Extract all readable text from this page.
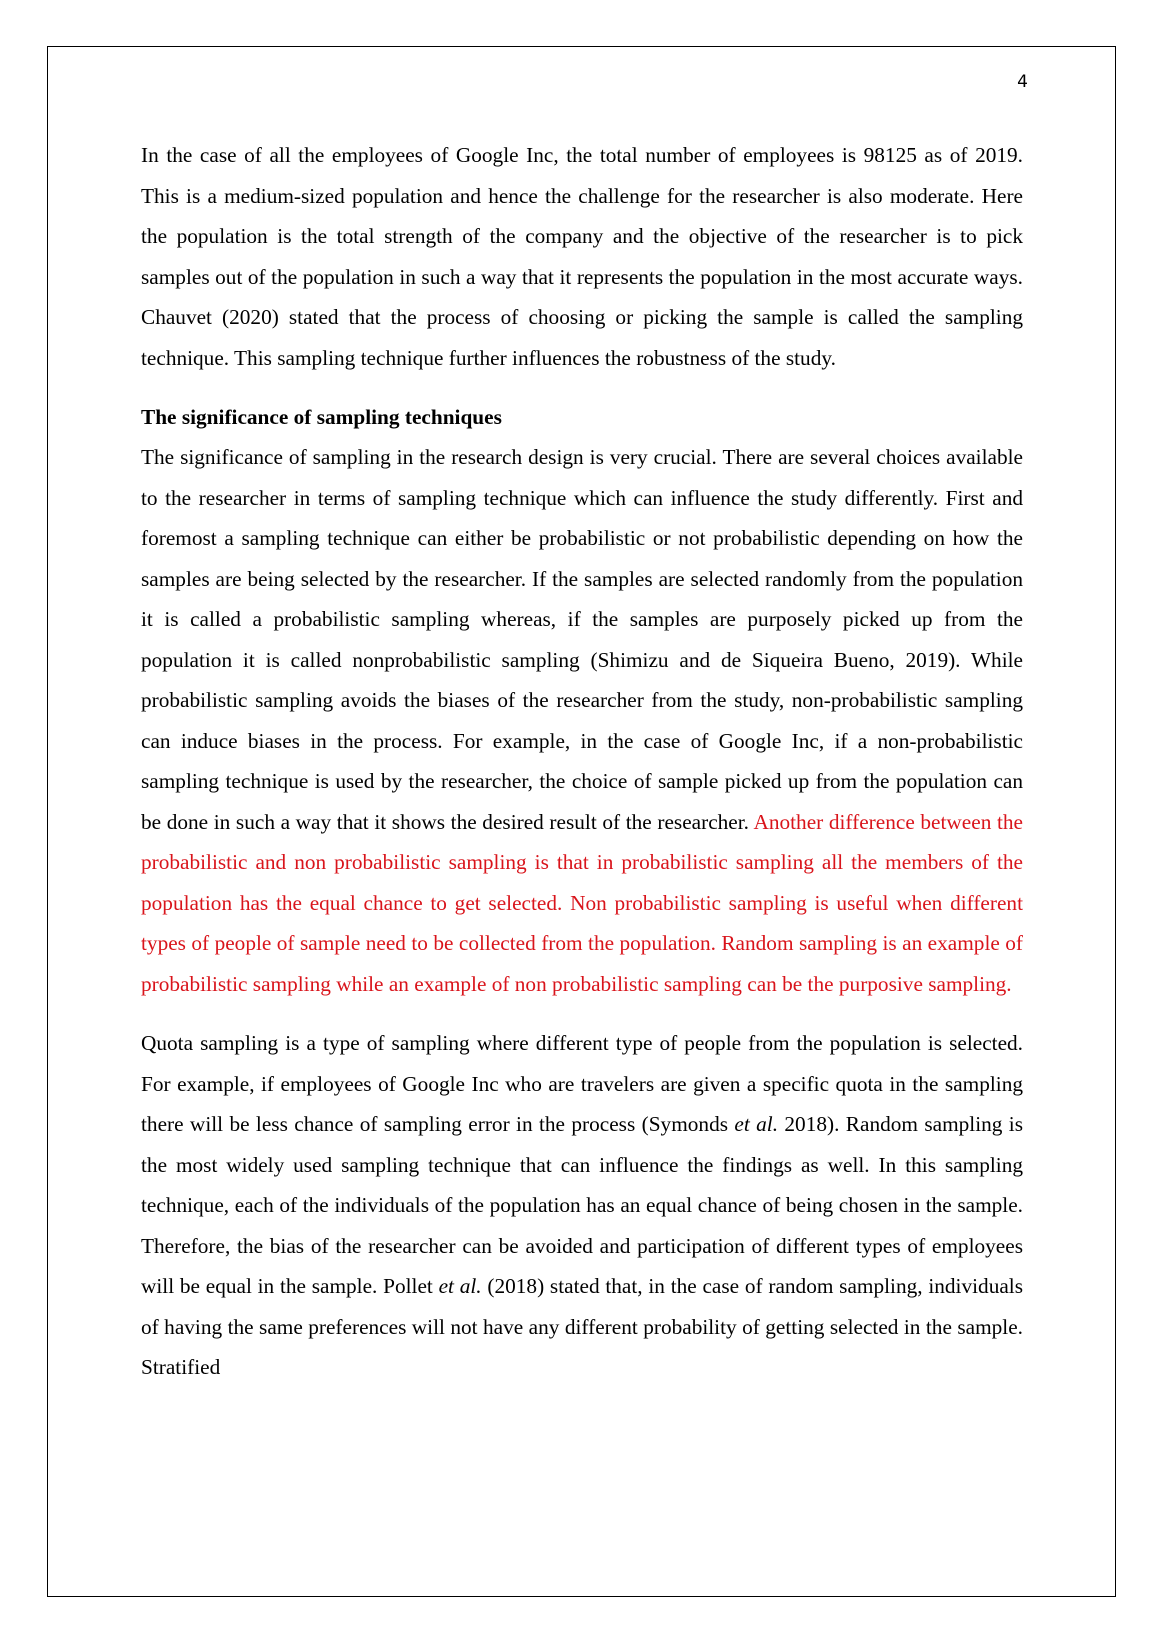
4

In the case of all the employees of Google Inc, the total number of employees is 98125 as of 2019. This is a medium-sized population and hence the challenge for the researcher is also moderate. Here the population is the total strength of the company and the objective of the researcher is to pick samples out of the population in such a way that it represents the population in the most accurate ways. Chauvet (2020) stated that the process of choosing or picking the sample is called the sampling technique. This sampling technique further influences the robustness of the study.

The significance of sampling techniques

The significance of sampling in the research design is very crucial. There are several choices available to the researcher in terms of sampling technique which can influence the study differently. First and foremost a sampling technique can either be probabilistic or not probabilistic depending on how the samples are being selected by the researcher. If the samples are selected randomly from the population it is called a probabilistic sampling whereas, if the samples are purposely picked up from the population it is called nonprobabilistic sampling (Shimizu and de Siqueira Bueno, 2019). While probabilistic sampling avoids the biases of the researcher from the study, non-probabilistic sampling can induce biases in the process. For example, in the case of Google Inc, if a non-probabilistic sampling technique is used by the researcher, the choice of sample picked up from the population can be done in such a way that it shows the desired result of the researcher. Another difference between the probabilistic and non probabilistic sampling is that in probabilistic sampling all the members of the population has the equal chance to get selected. Non probabilistic sampling is useful when different types of people of sample need to be collected from the population. Random sampling is an example of probabilistic sampling while an example of non probabilistic sampling can be the purposive sampling.

Quota sampling is a type of sampling where different type of people from the population is selected. For example, if employees of Google Inc who are travelers are given a specific quota in the sampling there will be less chance of sampling error in the process (Symonds et al. 2018). Random sampling is the most widely used sampling technique that can influence the findings as well. In this sampling technique, each of the individuals of the population has an equal chance of being chosen in the sample. Therefore, the bias of the researcher can be avoided and participation of different types of employees will be equal in the sample. Pollet et al. (2018) stated that, in the case of random sampling, individuals of having the same preferences will not have any different probability of getting selected in the sample. Stratified
